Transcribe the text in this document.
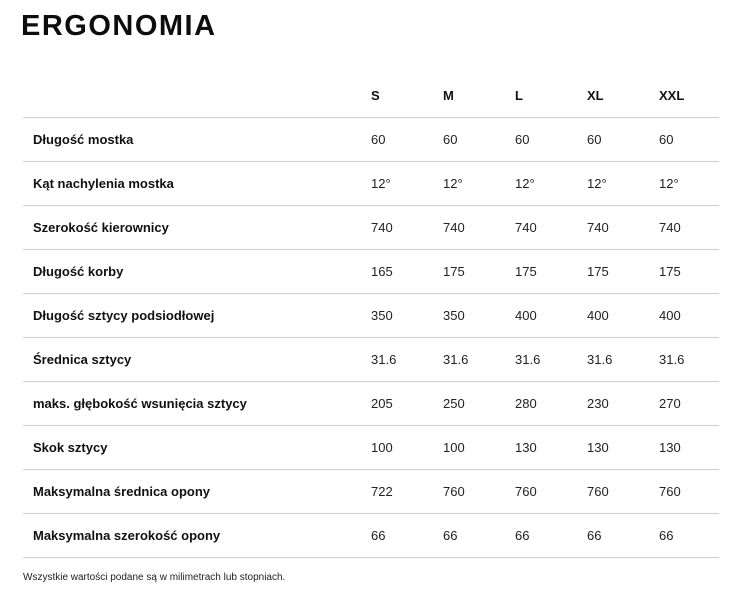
ERGONOMIA
	S	M	L	XL	XXL
Długość mostka	60	60	60	60	60
Kąt nachylenia mostka	12°	12°	12°	12°	12°
Szerokość kierownicy	740	740	740	740	740
Długość korby	165	175	175	175	175
Długość sztycy podsiodłowej	350	350	400	400	400
Średnica sztycy	31.6	31.6	31.6	31.6	31.6
maks. głębokość wsunięcia sztycy	205	250	280	230	270
Skok sztycy	100	100	130	130	130
Maksymalna średnica opony	722	760	760	760	760
Maksymalna szerokość opony	66	66	66	66	66
Wszystkie wartości podane są w milimetrach lub stopniach.
